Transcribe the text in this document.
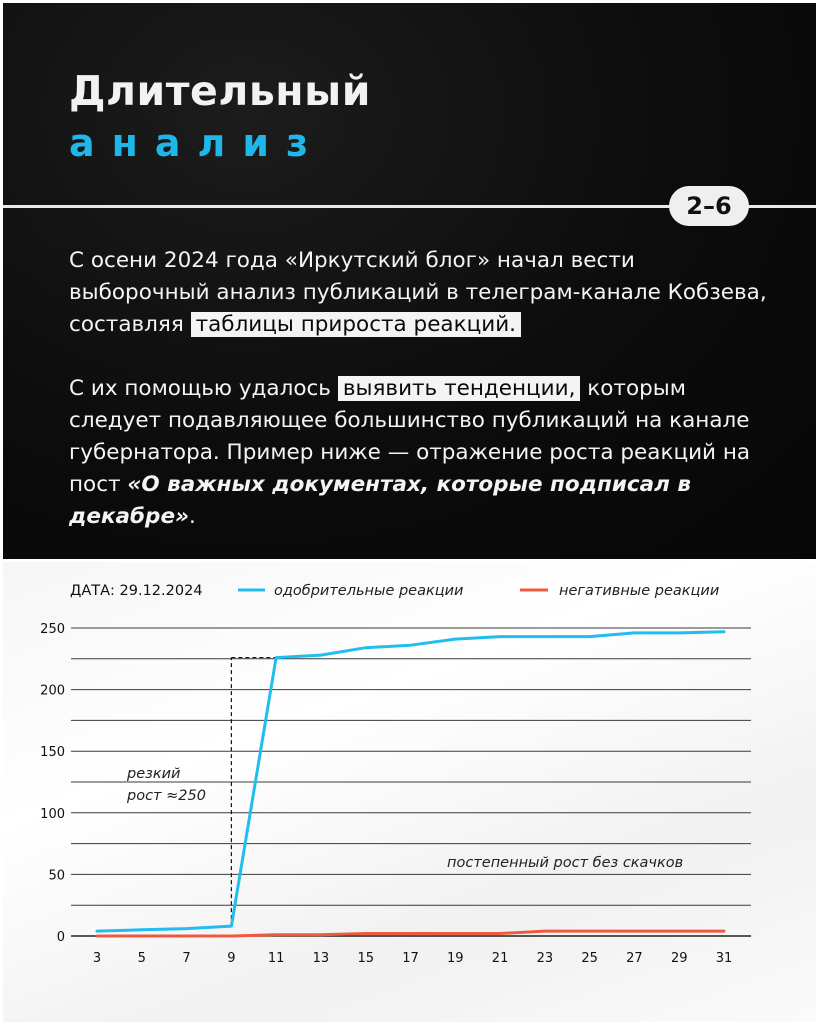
Длительный
анализ
2–6

С осени 2024 года «Иркутский блог» начал вести выборочный анализ публикаций в телеграм-канале Кобзева, составляя таблицы прироста реакций.

С их помощью удалось выявить тенденции, которым следует подавляющее большинство публикаций на канале губернатора. Пример ниже — отражение роста реакций на пост «О важных документах, которые подписал в декабре».

0
50
100
150
200
250
3	5	7	9 11 13 15 17 19 21 23 25 27 29 31
ДАТА: 29.12.2024	одобрительные реакции	негативные реакции
резкий
рост ≈250
постепенный рост без скачков
